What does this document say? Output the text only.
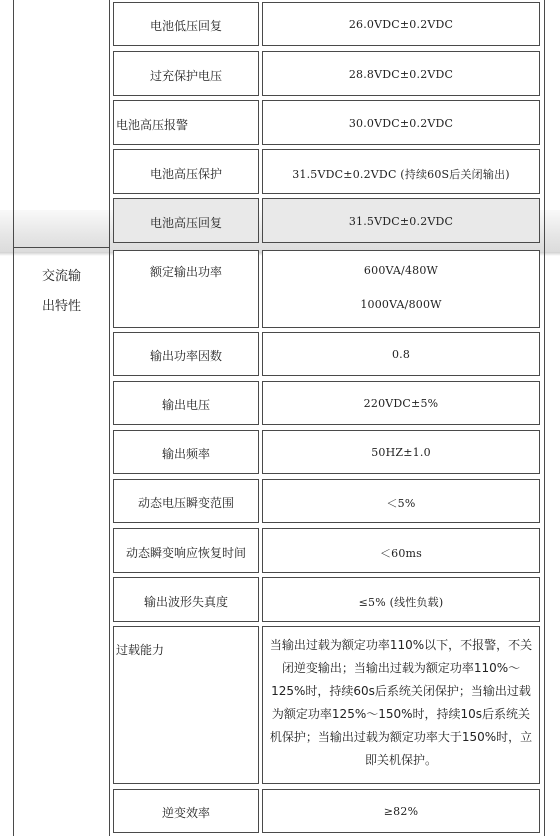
交流输
出特性
电池低压回复	26.0VDC±0.2VDC
过充保护电压	28.8VDC±0.2VDC
电池高压报警	30.0VDC±0.2VDC
电池高压保护	31.5VDC±0.2VDC (持续60S后关闭输出)
电池高压回复	31.5VDC±0.2VDC
额定输出功率	600VA/480W
1000VA/800W
输出功率因数	0.8
输出电压	220VDC±5%
输出频率	50HZ±1.0
动态电压瞬变范围	＜5%
动态瞬变响应恢复时间	＜60ms
输出波形失真度	≤5% (线性负载)
过载能力	当输出过载为额定功率110%以下，不报警，不关闭逆变输出；当输出过载为额定功率110%～125%时，持续60s后系统关闭保护；当输出过载为额定功率125%～150%时，持续10s后系统关机保护；当输出过载为额定功率大于150%时，立即关机保护。
逆变效率	≥82%
